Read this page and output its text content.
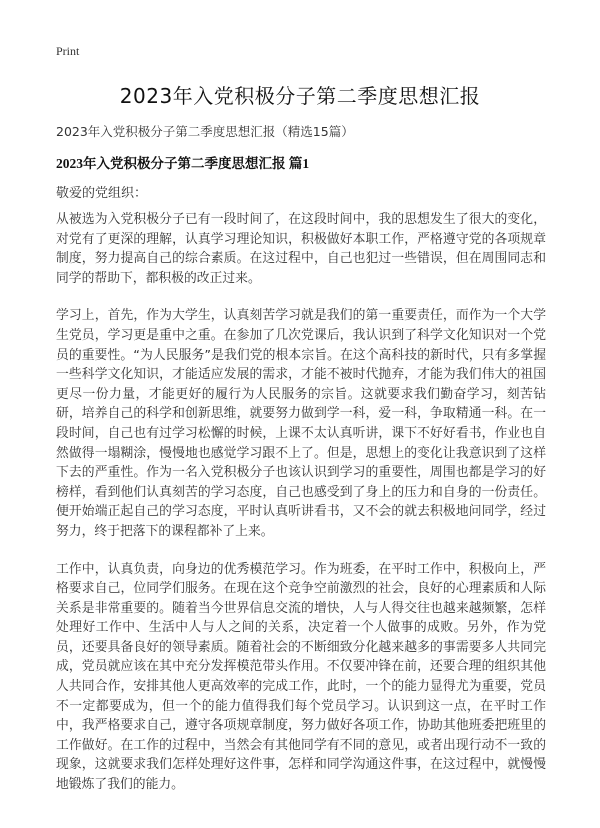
Print
2023年入党积极分子第二季度思想汇报
2023年入党积极分子第二季度思想汇报（精选15篇）
2023年入党积极分子第二季度思想汇报 篇1
敬爱的党组织：

从被选为入党积极分子已有一段时间了，在这段时间中，我的思想发生了很大的变化，对党有了更深的理解，认真学习理论知识，积极做好本职工作，严格遵守党的各项规章制度，努力提高自己的综合素质。在这过程中，自己也犯过一些错误，但在周围同志和同学的帮助下，都积极的改正过来。

学习上，首先，作为大学生，认真刻苦学习就是我们的第一重要责任，而作为一个大学生党员，学习更是重中之重。在参加了几次党课后，我认识到了科学文化知识对一个党员的重要性。“为人民服务”是我们党的根本宗旨。在这个高科技的新时代，只有多掌握一些科学文化知识，才能适应发展的需求，才能不被时代抛弃，才能为我们伟大的祖国更尽一份力量，才能更好的履行为人民服务的宗旨。这就要求我们勤奋学习，刻苦钻研，培养自己的科学和创新思维，就要努力做到学一科，爱一科，争取精通一科。在一段时间，自己也有过学习松懈的时候，上课不太认真听讲，课下不好好看书，作业也自然做得一塌糊涂，慢慢地也感觉学习跟不上了。但是，思想上的变化让我意识到了这样下去的严重性。作为一名入党积极分子也该认识到学习的重要性，周围也都是学习的好榜样，看到他们认真刻苦的学习态度，自己也感受到了身上的压力和自身的一份责任。便开始端正起自己的学习态度，平时认真听讲看书，又不会的就去积极地问同学，经过努力，终于把落下的课程都补了上来。

工作中，认真负责，向身边的优秀模范学习。作为班委，在平时工作中，积极向上，严格要求自己，位同学们服务。在现在这个竞争空前激烈的社会，良好的心理素质和人际关系是非常重要的。随着当今世界信息交流的增快，人与人得交往也越来越频繁，怎样处理好工作中、生活中人与人之间的关系，决定着一个人做事的成败。另外，作为党员，还要具备良好的领导素质。随着社会的不断细致分化越来越多的事需要多人共同完成，党员就应该在其中充分发挥模范带头作用。不仅要冲锋在前，还要合理的组织其他人共同合作，安排其他人更高效率的完成工作，此时，一个的能力显得尤为重要，党员不一定都要成为，但一个的能力值得我们每个党员学习。认识到这一点，在平时工作中，我严格要求自己，遵守各项规章制度，努力做好各项工作，协助其他班委把班里的工作做好。在工作的过程中，当然会有其他同学有不同的意见，或者出现行动不一致的现象，这就要求我们怎样处理好这件事，怎样和同学沟通这件事，在这过程中，就慢慢地锻炼了我们的能力。
